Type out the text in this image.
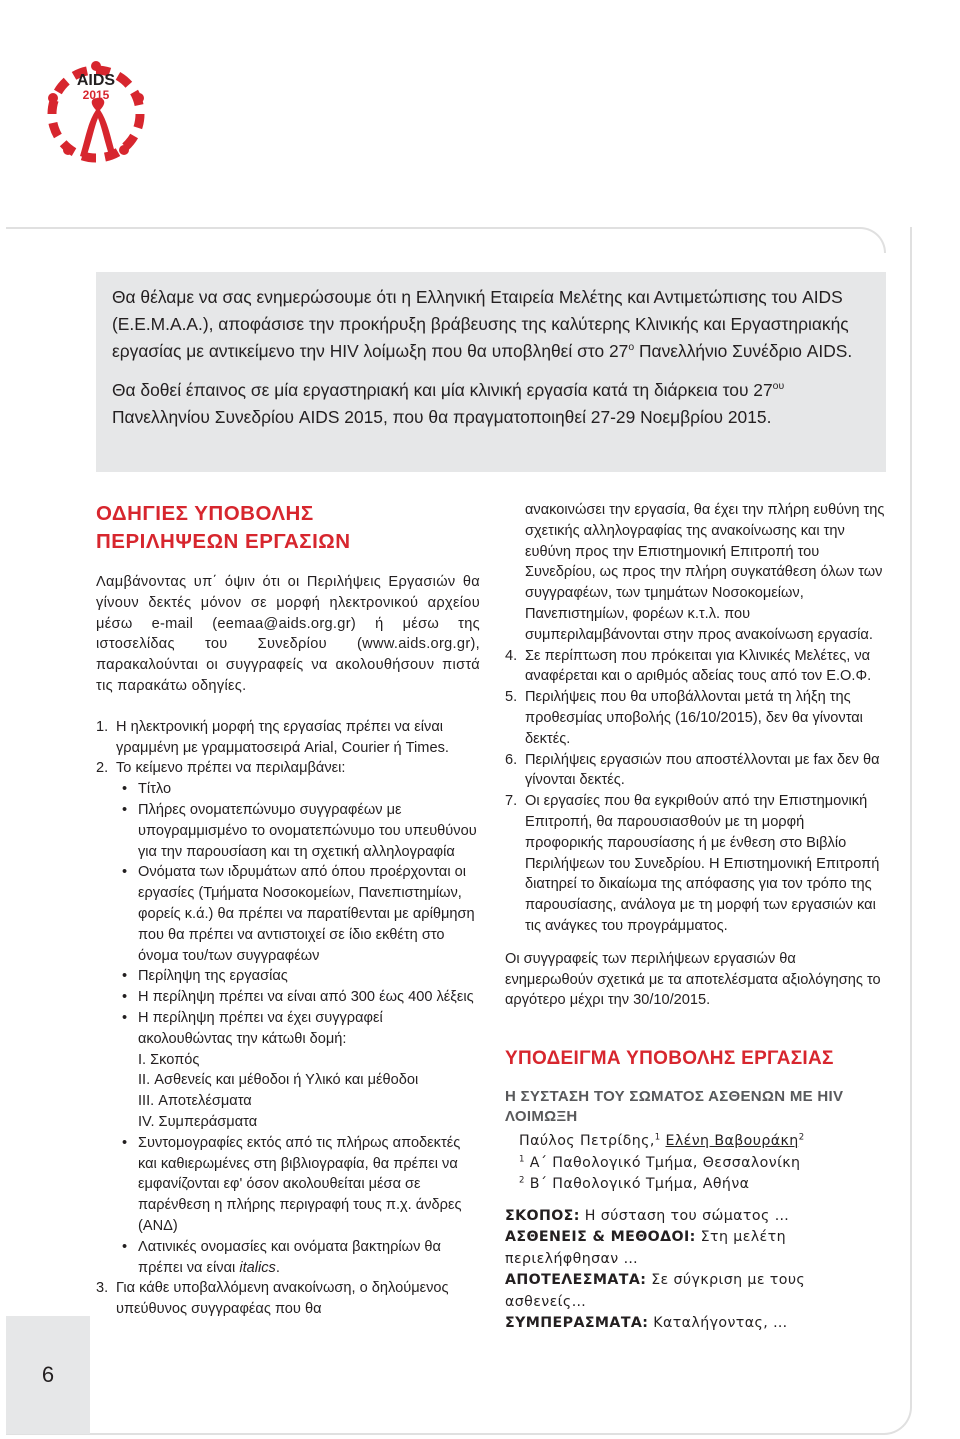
AIDS
2015

Θα θέλαμε να σας ενημερώσουμε ότι η Ελληνική Εταιρεία Μελέτης και Αντιμετώπισης του AIDS (Ε.Ε.Μ.Α.Α.), αποφάσισε την προκήρυξη βράβευσης της καλύτερης Κλινικής και Εργαστηριακής εργασίας με αντικείμενο την HIV λοίμωξη που θα υποβληθεί στο $27^o$ Πανελλήνιο Συνέδριο AIDS.

Θα δοθεί έπαινος σε μία εργαστηριακή και μία κλινική εργασία κατά τη διάρκεια του $27^{o\upsilon}$ Πανελληνίου Συνεδρίου AIDS 2015, που θα πραγματοποιηθεί 27-29 Νοεμβρίου 2015.

ΟΔΗΓΙΕΣ ΥΠΟΒΟΛΗΣ
ΠΕΡΙΛΗΨΕΩΝ ΕΡΓΑΣΙΩΝ

Λαμβάνοντας υπ΄ όψιν ότι οι Περιλήψεις Εργασιών θα γίνουν δεκτές μόνον σε μορφή ηλεκτρονικού αρχείου μέσω e-mail (eemaa@aids.org.gr) ή μέσω της ιστοσελίδας του Συνεδρίου (www.aids.org.gr), παρακαλούνται οι συγγραφείς να ακολουθήσουν πιστά τις παρακάτω οδηγίες.

1. Η ηλεκτρονική μορφή της εργασίας πρέπει να είναι γραμμένη με γραμματοσειρά Arial, Courier ή Times.
2. Το κείμενο πρέπει να περιλαμβάνει:
• Τίτλο
• Πλήρες ονοματεπώνυμο συγγραφέων με υπογραμμισμένο το ονοματεπώνυμο του υπευθύνου για την παρουσίαση και τη σχετική αλληλογραφία
• Ονόματα των ιδρυμάτων από όπου προέρχονται οι εργασίες (Τμήματα Νοσοκομείων, Πανεπιστημίων, φορείς κ.ά.) θα πρέπει να παρατίθενται με αρίθμηση που θα πρέπει να αντιστοιχεί σε ίδιο εκθέτη στο όνομα του/των συγγραφέων
• Περίληψη της εργασίας
• Η περίληψη πρέπει να είναι από 300 έως 400 λέξεις
• Η περίληψη πρέπει να έχει συγγραφεί ακολουθώντας την κάτωθι δομή:
I. Σκοπός
II. Ασθενείς και μέθοδοι ή Υλικό και μέθοδοι
III. Αποτελέσματα
IV. Συμπεράσματα
• Συντομογραφίες εκτός από τις πλήρως αποδεκτές και καθιερωμένες στη βιβλιογραφία, θα πρέπει να εμφανίζονται εφ' όσον ακολουθείται μέσα σε παρένθεση η πλήρης περιγραφή τους π.χ. άνδρες (ΑΝΔ)
• Λατινικές ονομασίες και ονόματα βακτηρίων θα πρέπει να είναι italics.
3. Για κάθε υποβαλλόμενη ανακοίνωση, ο δηλούμενος υπεύθυνος συγγραφέας που θα

ανακοινώσει την εργασία, θα έχει την πλήρη ευθύνη της σχετικής αλληλογραφίας της ανακοίνωσης και την ευθύνη προς την Επιστημονική Επιτροπή του Συνεδρίου, ως προς την πλήρη συγκατάθεση όλων των συγγραφέων, των τμημάτων Νοσοκομείων, Πανεπιστημίων, φορέων κ.τ.λ. που συμπεριλαμβάνονται στην προς ανακοίνωση εργασία.

4. Σε περίπτωση που πρόκειται για Κλινικές Μελέτες, να αναφέρεται και ο αριθμός αδείας τους από τον Ε.Ο.Φ.
5. Περιλήψεις που θα υποβάλλονται μετά τη λήξη της προθεσμίας υποβολής (16/10/2015), δεν θα γίνονται δεκτές.
6. Περιλήψεις εργασιών που αποστέλλονται με fax δεν θα γίνονται δεκτές.
7. Οι εργασίες που θα εγκριθούν από την Επιστημονική Επιτροπή, θα παρουσιασθούν με τη μορφή προφορικής παρουσίασης ή με ένθεση στο Βιβλίο Περιλήψεων του Συνεδρίου. Η Επιστημονική Επιτροπή διατηρεί το δικαίωμα της απόφασης για τον τρόπο της παρουσίασης, ανάλογα με τη μορφή των εργασιών και τις ανάγκες του προγράμματος.

Οι συγγραφείς των περιλήψεων εργασιών θα ενημερωθούν σχετικά με τα αποτελέσματα αξιολόγησης το αργότερο μέχρι την 30/10/2015.

ΥΠΟΔΕΙΓΜΑ ΥΠΟΒΟΛΗΣ ΕΡΓΑΣΙΑΣ
Η ΣΥΣΤΑΣΗ ΤΟΥ ΣΩΜΑΤΟΣ ΑΣΘΕΝΩΝ ΜΕ HIV ΛΟΙΜΩΞΗ
Παύλος Πετρίδης,$^1$ Ελένη Βαβουράκη$^2$
$^1$ Α΄ Παθολογικό Τμήμα, Θεσσαλονίκη
$^2$ Β΄ Παθολογικό Τμήμα, Αθήνα

ΣΚΟΠΟΣ: Η σύσταση του σώματος …

ΑΣΘΕΝΕΙΣ & ΜΕΘΟΔΟΙ: Στη μελέτη περιελήφθησαν …

ΑΠΟΤΕΛΕΣΜΑΤΑ: Σε σύγκριση με τους ασθενείς…

ΣΥΜΠΕΡΑΣΜΑΤΑ: Καταλήγοντας, …

6
